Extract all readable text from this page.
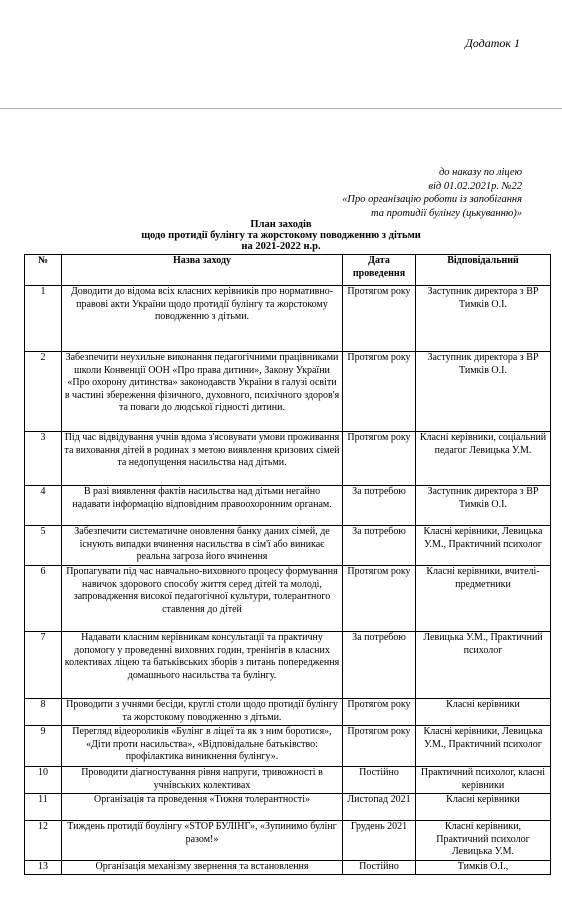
Додаток 1
до наказу по ліцею
від 01.02.2021р. №22
«Про організацію роботи із запобігання
та протидії булінгу (цькуванню)»
План заходів
щодо протидії булінгу та жорстокому поводженню з дітьми
на 2021-2022 н.р.
№	Назва заходу	Дата проведення	Відповідальний
1	Доводити до відома всіх класних керівників про нормативно-правові акти України щодо протидії булінгу та жорстокому поводженню з дітьми.	Протягом року	Заступник директора з ВР Тимків О.І.
2	Забезпечити неухильне виконання педагогічними працівниками школи Конвенції ООН «Про права дитини», Закону України «Про охорону дитинства» законодавств України в галузі освіти в частині збереження фізичного, духовного, психічного здоров'я та поваги до людської гідності дитини.	Протягом року	Заступник директора з ВР Тимків О.І.
3	Під час відвідування учнів вдома з'ясовувати умови проживання та виховання дітей в родинах з метою виявлення кризових сімей та недопущення насильства над дітьми.	Протягом року	Класні керівники, соціальний педагог Левицька У.М.
4	В разі виявлення фактів насильства над дітьми негайно надавати інформацію відповідним правоохоронним органам.	За потребою	Заступник директора з ВР Тимків О.І.
5	Забезпечити систематичне оновлення банку даних сімей, де існують випадки вчинення насильства в сім'ї або виникає реальна загроза його вчинення	За потребою	Класні керівники, Левицька У.М., Практичний психолог
6	Пропагувати під час навчально-виховного процесу формування навичок здорового способу життя серед дітей та молоді, запровадження високої педагогічної культури, толерантного ставлення до дітей	Протягом року	Класні керівники, вчителі-предметники
7	Надавати класним керівникам консультації та практичну допомогу у проведенні виховних годин, тренінгів в класних колективах ліцею та батьківських зборів з питань попередження домашнього насильства та булінгу.	За потребою	Левицька У.М., Практичний психолог
8	Проводити з учнями бесіди, круглі столи щодо протидії булінгу та жорстокому поводженню з дітьми.	Протягом року	Класні керівники
9	Перегляд відеороликів «Булінг в ліцеї та як з ним боротися», «Діти проти насильства», «Відповідальне батьківство: профілактика виникнення булінгу».	Протягом року	Класні керівники, Левицька У.М., Практичний психолог
10	Проводити діагностування рівня напруги, тривожності в учнівських колективах	Постійно	Практичний психолог, класні керівники
11	Організація та проведення «Тижня толерантності»	Листопад 2021	Класні керівники
12	Тиждень протидії боулінгу «STOP БУЛІНГ», «Зупинимо булінг разом!»	Грудень 2021	Класні керівники, Практичний психолог Левицька У.М.
13	Організація механізму звернення та встановлення	Постійно	Тимків О.І.,
